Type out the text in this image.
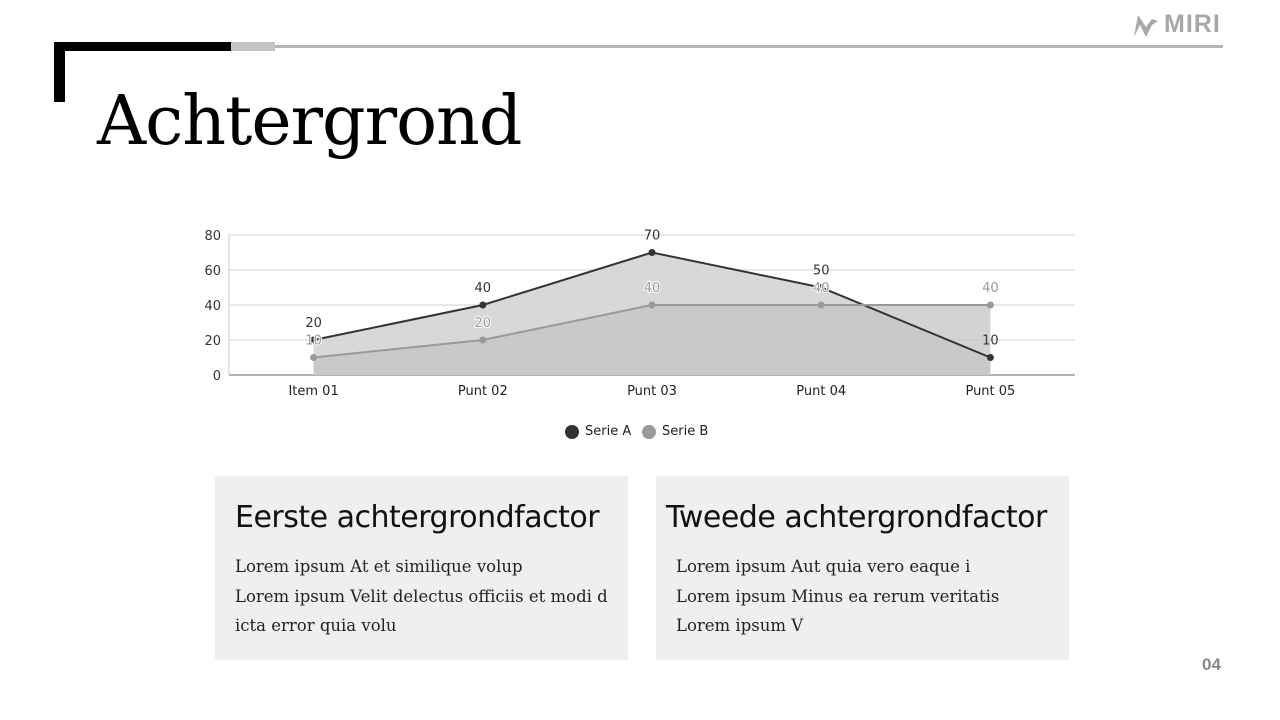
MIRI
Achtergrond
0
20
40
60
80
20
40
70
50
10
10
20
40	40	40
Item 01	Punt 02	Punt 03	Punt 04	Punt 05
Serie A Serie B
Eerste achtergrondfactor
Lorem ipsum At et similique volup
Lorem ipsum Velit delectus officiis et modi d
icta error quia volu
Tweede achtergrondfactor
Lorem ipsum Aut quia vero eaque i
Lorem ipsum Minus ea rerum veritatis
Lorem ipsum V
04
